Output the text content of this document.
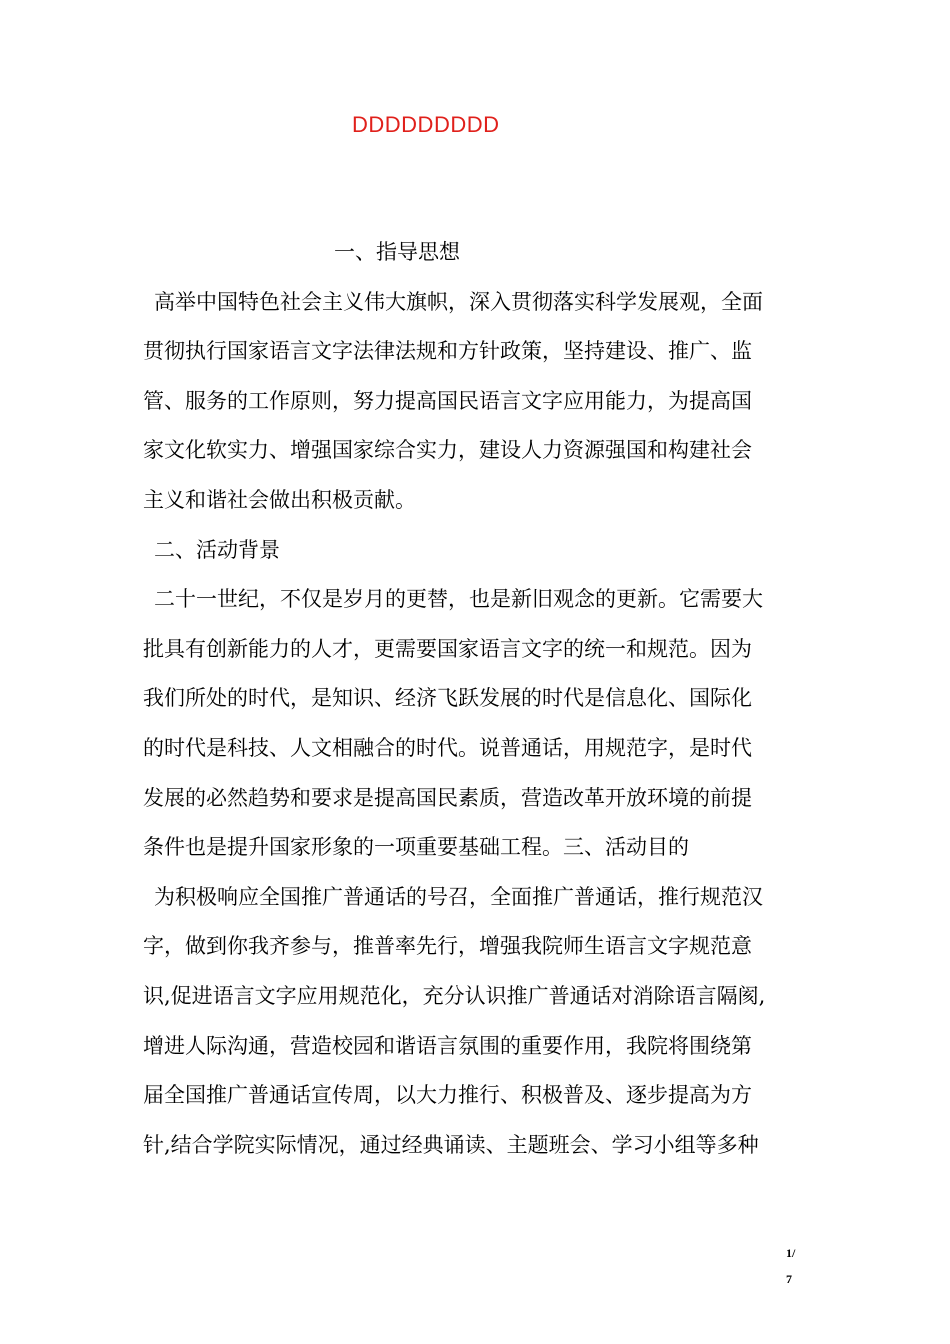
DDDDDDDDD
一、指导思想
高举中国特色社会主义伟大旗帜，深入贯彻落实科学发展观，全面
贯彻执行国家语言文字法律法规和方针政策，坚持建设、推广、监
管、服务的工作原则，努力提高国民语言文字应用能力，为提高国
家文化软实力、增强国家综合实力，建设人力资源强国和构建社会
主义和谐社会做出积极贡献。
二、活动背景
二十一世纪，不仅是岁月的更替，也是新旧观念的更新。它需要大
批具有创新能力的人才，更需要国家语言文字的统一和规范。因为
我们所处的时代，是知识、经济飞跃发展的时代是信息化、国际化
的时代是科技、人文相融合的时代。说普通话，用规范字，是时代
发展的必然趋势和要求是提高国民素质，营造改革开放环境的前提
条件也是提升国家形象的一项重要基础工程。三、活动目的
为积极响应全国推广普通话的号召，全面推广普通话，推行规范汉
字，做到你我齐参与，推普率先行，增强我院师生语言文字规范意
识,促进语言文字应用规范化，充分认识推广普通话对消除语言隔阂,
增进人际沟通，营造校园和谐语言氛围的重要作用，我院将围绕第
届全国推广普通话宣传周，以大力推行、积极普及、逐步提高为方
针,结合学院实际情况，通过经典诵读、主题班会、学习小组等多种
1/
7
